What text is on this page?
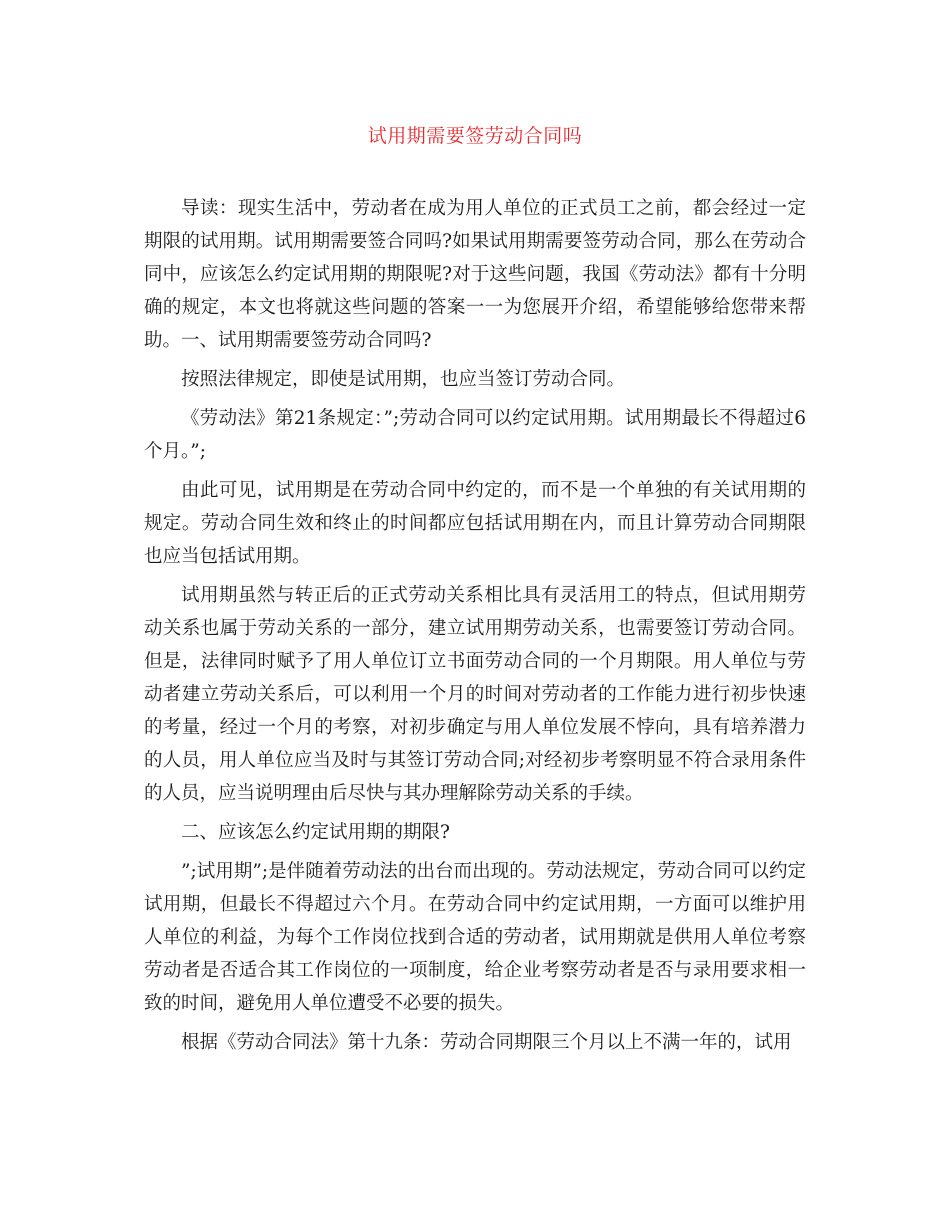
试用期需要签劳动合同吗

导读：现实生活中，劳动者在成为用人单位的正式员工之前，都会经过一定期限的试用期。试用期需要签合同吗?如果试用期需要签劳动合同，那么在劳动合同中，应该怎么约定试用期的期限呢?对于这些问题，我国《劳动法》都有十分明确的规定，本文也将就这些问题的答案一一为您展开介绍，希望能够给您带来帮助。一、试用期需要签劳动合同吗?

按照法律规定，即使是试用期，也应当签订劳动合同。

《劳动法》第21条规定：”;劳动合同可以约定试用期。试用期最长不得超过6个月。”;

由此可见，试用期是在劳动合同中约定的，而不是一个单独的有关试用期的规定。劳动合同生效和终止的时间都应包括试用期在内，而且计算劳动合同期限也应当包括试用期。

试用期虽然与转正后的正式劳动关系相比具有灵活用工的特点，但试用期劳动关系也属于劳动关系的一部分，建立试用期劳动关系，也需要签订劳动合同。但是，法律同时赋予了用人单位订立书面劳动合同的一个月期限。用人单位与劳动者建立劳动关系后，可以利用一个月的时间对劳动者的工作能力进行初步快速的考量，经过一个月的考察，对初步确定与用人单位发展不悖向，具有培养潜力的人员，用人单位应当及时与其签订劳动合同;对经初步考察明显不符合录用条件的人员，应当说明理由后尽快与其办理解除劳动关系的手续。

二、应该怎么约定试用期的期限?

”;试用期”;是伴随着劳动法的出台而出现的。劳动法规定，劳动合同可以约定试用期，但最长不得超过六个月。在劳动合同中约定试用期，一方面可以维护用人单位的利益，为每个工作岗位找到合适的劳动者，试用期就是供用人单位考察劳动者是否适合其工作岗位的一项制度，给企业考察劳动者是否与录用要求相一致的时间，避免用人单位遭受不必要的损失。

根据《劳动合同法》第十九条：劳动合同期限三个月以上不满一年的，试用
